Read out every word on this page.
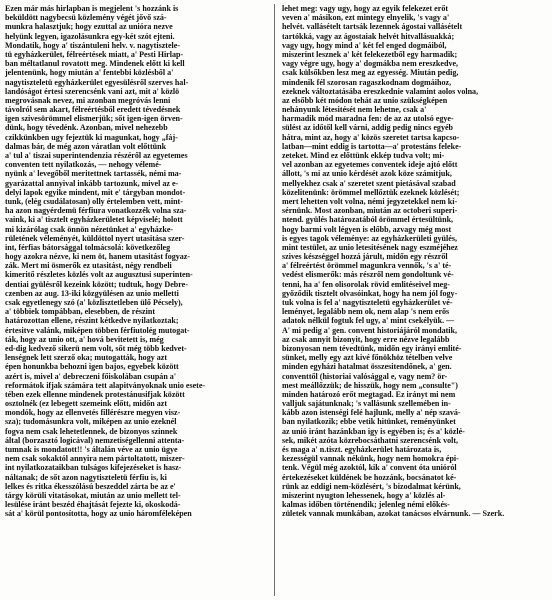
Ezen már más hirlapban is megjelent 's hozzánk is
beküldött nagybecsü közlemény végét jővő szá-
munkra halasztjuk; hogy ezuttal az unióra nezve
helyünk legyen, igazolásunkra egy-két szót ejteni.
Mondatik, hogy a' tiszántuleni helv. v. nagytisztele-
tü egyházkerület, félreértések miatt, a' Pesti Hirlap-
ban méltatlanul rovatott meg. Mindenek előtt ki kell
jelentenünk, hogy miután a' fentebbi közlésből a'
nagytiszteletü egyházkerület egyesülésről szerves hal-
landóságot értesi szerencsénk vani azt, mit a' közlö
megrovásnak nevez, mi azonban megróvás lenni
távolról sem akart, félreértésből eredett tévedésnek
igen szivesörömmel elismerjük; sőt igen-igen örven-
dünk, hogy tévedénk. Azonban, mivel nehezebb
czikkünkben ugy fejeztük ki magunkat, hogy „fáj-
dalmas bár, de még azon váratlan volt előttünk
a' tul a' tiszai superintendenzia részéről az egyetemes
conventen tett nyilatkozás, — nehogy vélemé-
nyünk a' levegőből meritettnek tartassék, némi ma-
gyarázattal annyival inkább tartozunk, mivel az e-
delyi lapok egyike mindent, mit e' tárgyban mondot-
tunk, (elég csudálatosan) olly értelemben vett, mint-
ha azon nagyérdemü férfiura vonatkozzék volna sza-
vaink, ki a' tisztelt egyházkerületet képviselé; holott
mi kizárólag csak önnön nézetünket a' egyházke-
rületének véleményét, küldöttol nyert utasitása szer-
int, férfias bátorsággal tolmácsolá: következőleg
hogy azokra nézve, ki nem öt, hanem utasitást fogyaz-
zák. Mert mi ösmerők ez utasitást, négy rendbeli
kimeritő részletes közlés volt az augusztusi superinten-
dentiai gyülésről kezeink között; tudtuk, hogy Debre-
czenben az aug. 13-iki közgyülésen az unio melletti
csak egyetlenegy szó (a' közlisztetleben ülő Pécsely),
a' többiek tompábban, elesebben, de részint
határozottan ellene, részint kétkedve nyilatkoztak;
értesitve valánk, miképen többen férfiutolég mutogat-
ták, hogy az unio ott, a' hová bevitetett is, még
ed-dig kedvező sikerü nem volt, sőt még több kedvet-
lenségnek lett szerző oka; mutogatták, hogy azt
épen honunkba behozni igen bajos, egyebek között
azért is, mivel a' debreczeni főiskolában csupán a'
reformátok ifjak számára tett alapitványoknak unio esete-
tében ezek ellenne mindenek protestánusifjak között
osztolnék (ez lebegett szemeink előtt, midőn azt
mondók, hogy az ellenvetés fillérészre megyen visz-
sza); tudomásunkra volt, miképen az unio ezeknél
fogva nem csak lehetetlennek, de bizonyos szinnek
által (borzasztó logicával) nemzetiségellenni attenta-
tumnak is mondatott!! 's általán véve az unio ügye
nem csak sokaktól annyira nem pártoltatott, miszer-
int nyilatkozataikban tulságos kifejezéseket is hasz-
náltanak; de sőt azon nagytiszteletü férfiu is, ki
lelkes és ritka ékesszólású beszeddel zárta be az e'
tárgy körüli vitatásokat, miután az unio mellett tel-
lesülése iránt beszéd éhajtását fejezte ki, okoskodá-
sát a' körül pontosította, hogy az unio háromféleképen
lehet meg: vagy ugy, hogy az egyik felekezet erőt
veven a' másikon, ezt mintegy elnyelik, 's vagy a'
helvét. vallásételt tartsák lezennek ágostai vallásételt
tartókká, vagy az ágostaiak helvét hitvallásuakká;
vagy ugy, hogy mind a' két fel enged dogmáiból,
miszerint lesznek a' két felekezetből egy harmadik;
vagy végre ugy, hogy a' dogmákba nem ereszkedve,
csak külsőkben lesz meg az egyesség. Miután pedig,
mindenik fél szorosan ragaszkodnam dogmáihoz,
ezeknek változtatásába ereszkednie valamint aolos volna,
az elsőbb két módon tehát az unio szükségképen
nehányunk létesitését nem lehetne, csak a'
harmadik mód maradna fen: de az az utolsó egye-
sülést az időtől kell várni, addig pedig nincs egyéb
hátra, mint az, hogy a' közös szeretet tartsa kapcso-
latban—mint eddig is tartotta—a' protestáns feleke-
zeteket. Mind ez előttünk ekkép tudva volt; mi-
vel azonban az egyetemes conventek ideje ajtó előtt
állott, 's mi az unio kérdését azok köze számitjuk,
mellyekhez csak a' szeretet szent pietásával szabad
közelitenünk: örömmel mellőztük ezeknek közlését;
mert lehetten volt volna, némi jegyzetekkel nem kí-
sérnünk. Most azonban, miután az octoberi superi-
ntend. gyülés határozatából örömmel értesültünk,
hogy barmi volt légyen is előbb, azvagy még most
is egyes tagok véleménye: az egyházkerületi gyülés,
mint testület, az unio letesitésének nagy eszméjéhez
szives készséggel hozzá járult, midőn egy részről
a' félreértést örömmel magunkra vennők, 's a' té-
vedést elismerők: más részről nem gondoltunk vé-
tenni, ha a' fen olisorolak rövid emlitéseivel meg-
győződik tisztelt olvasóinkat, hogy ha nem jól fogy-
tuk volna is fel a' nagytiszteletü egyházkerület vé-
leményet, legalább nem ok, nem alap 's nem erős
adatok nélkül fogtuk fel ugy, a' mint csekélyük. —
A' mi pedig a' gen. convent historiájáról mondatik,
az csak annyit bizonyit, hogy erre nézve legalább
bizonyosan nem tévedtünk, midőn egy irányi emlité-
sünket, melly egy azt kivé főnökhöz tételben velve
minden egyházi hatalmat összesitendőnek, a' gen.
conventtől (historiai valósággal e, vagy nem? ör-
mest meállőzzük; de hisszük, hogy nem „consulte")
minden határozó erőt megtagad. Ez irányt mi nem
valljuk sajátunknak; 's vallásunk szellemében in-
kább azon istenségi felé hajlunk, melly a' nép szavá-
ban nyilatkozik; ebbe vetik hitünket, reményünket
az unió iránt hazánkban igy is egyében is; és a' közlé-
sek, mikét azóta közrebocsáthatni szerencsénk volt,
és maga a' n.tiszt. egyházkerület határozata is,
kezességül vannak nékünk, hogy nem homokra épi-
tenk. Végül még azoktól, kik a' convent óta unióról
értekezéseket küldének be hozzánk, bocsánatot ké-
rünk az eddigi nem-közlésért, 's bizodalmat kérünk,
miszerint nyugton lehessenek, hogy a' közlés al-
kalmas időben történendik; jelenleg némi előkés-
zületek vannak munkában, azokat tanácsos elvárnunk. — Szerk.
